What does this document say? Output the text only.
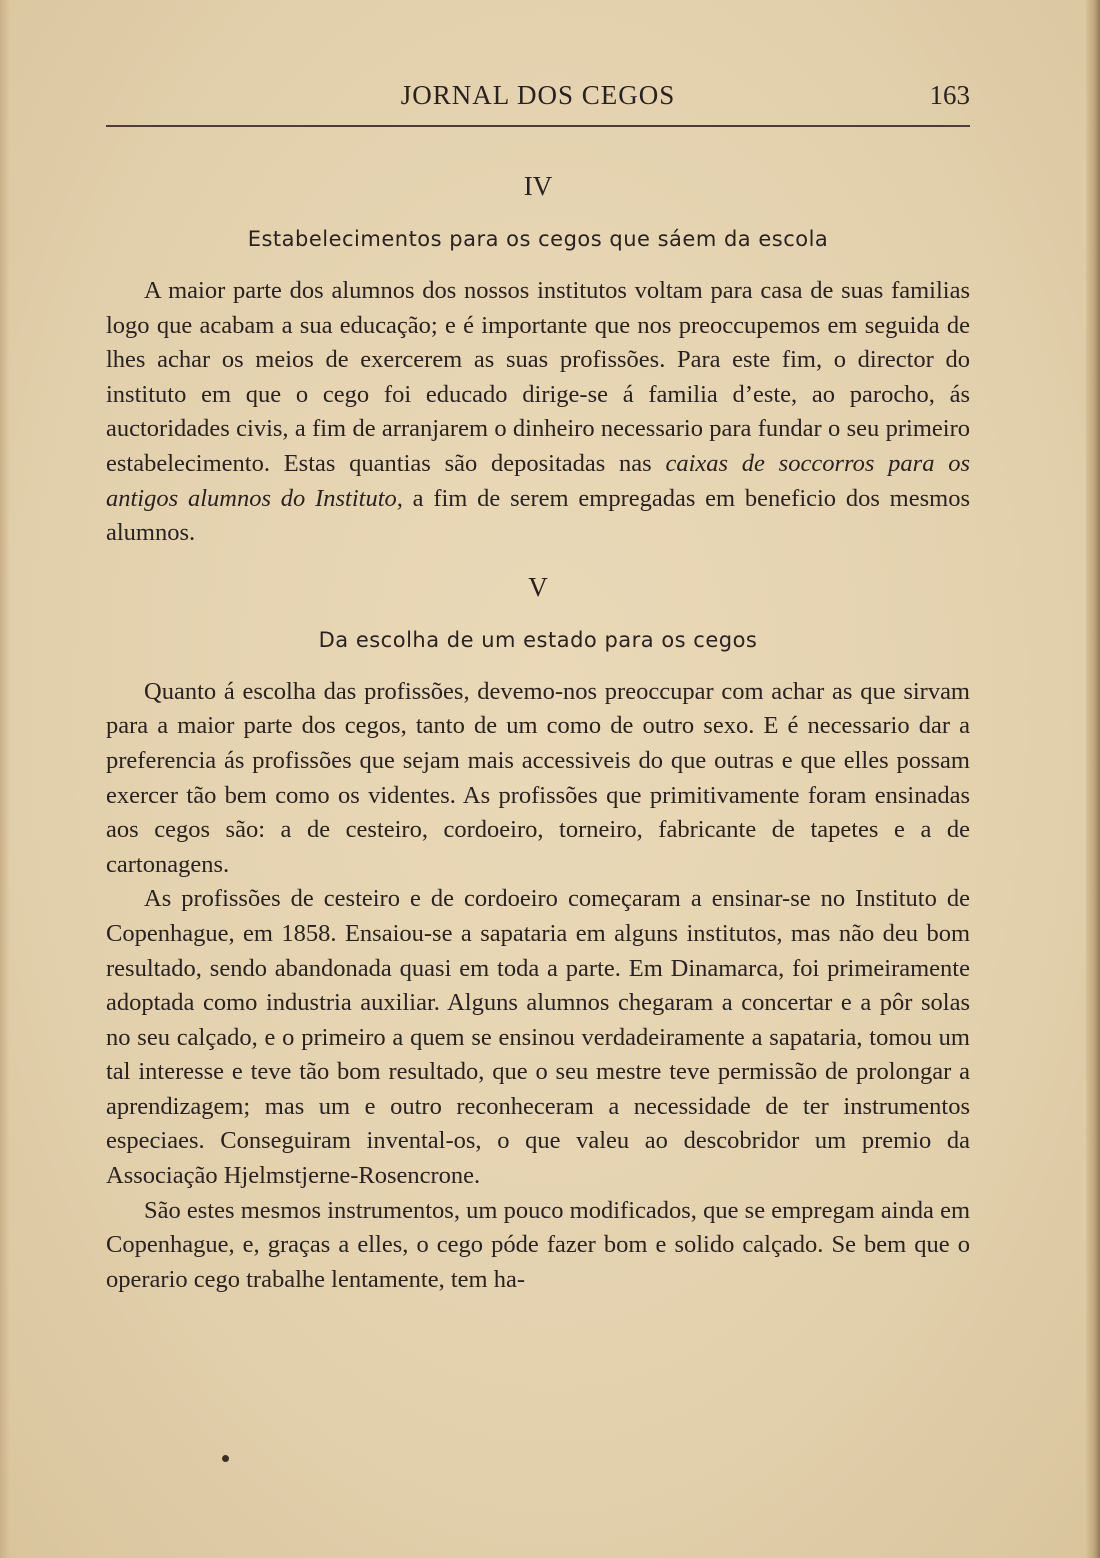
JORNAL DOS CEGOS	163
IV
Estabelecimentos para os cegos que sáem da escola

A maior parte dos alumnos dos nossos institutos voltam para casa de suas familias logo que acabam a sua educação; e é importante que nos preoccupemos em seguida de lhes achar os meios de exercerem as suas profissões. Para este fim, o director do instituto em que o cego foi educado dirige-se á familia d’este, ao parocho, ás auctoridades civis, a fim de arranjarem o dinheiro necessario para fundar o seu primeiro estabelecimento. Estas quantias são depositadas nas caixas de soccorros para os antigos alumnos do Instituto, a fim de serem empregadas em beneficio dos mesmos alumnos.

V
Da escolha de um estado para os cegos

Quanto á escolha das profissões, devemo-nos preoccupar com achar as que sirvam para a maior parte dos cegos, tanto de um como de outro sexo. E é necessario dar a preferencia ás profissões que sejam mais accessiveis do que outras e que elles possam exercer tão bem como os videntes. As profissões que primitivamente foram ensinadas aos cegos são: a de cesteiro, cordoeiro, torneiro, fabricante de tapetes e a de cartonagens.

As profissões de cesteiro e de cordoeiro começaram a ensinar-se no Instituto de Copenhague, em 1858. Ensaiou-se a sapataria em alguns institutos, mas não deu bom resultado, sendo abandonada quasi em toda a parte. Em Dinamarca, foi primeiramente adoptada como industria auxiliar. Alguns alumnos chegaram a concertar e a pôr solas no seu calçado, e o primeiro a quem se ensinou verdadeiramente a sapataria, tomou um tal interesse e teve tão bom resultado, que o seu mestre teve permissão de prolongar a aprendizagem; mas um e outro reconheceram a necessidade de ter instrumentos especiaes. Conseguiram invental-os, o que valeu ao descobridor um premio da Associação Hjelmstjerne-Rosencrone.

São estes mesmos instrumentos, um pouco modificados, que se empregam ainda em Copenhague, e, graças a elles, o cego póde fazer bom e solido calçado. Se bem que o operario cego trabalhe lentamente, tem ha-
